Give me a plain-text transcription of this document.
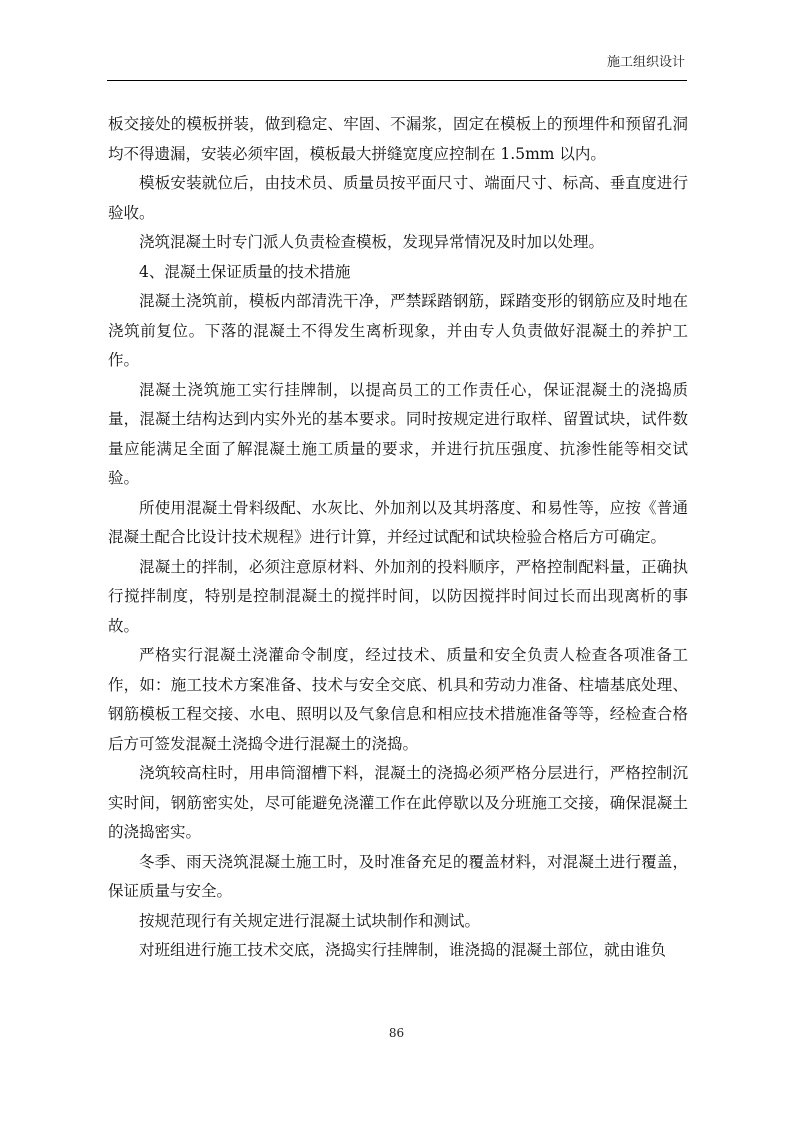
施工组织设计

板交接处的模板拼装，做到稳定、牢固、不漏浆，固定在模板上的预埋件和预留孔洞均不得遗漏，安装必须牢固，模板最大拼缝宽度应控制在 1.5mm 以内。

模板安装就位后，由技术员、质量员按平面尺寸、端面尺寸、标高、垂直度进行验收。

浇筑混凝土时专门派人负责检查模板，发现异常情况及时加以处理。

4、混凝土保证质量的技术措施

混凝土浇筑前，模板内部清洗干净，严禁踩踏钢筋，踩踏变形的钢筋应及时地在浇筑前复位。下落的混凝土不得发生离析现象，并由专人负责做好混凝土的养护工作。

混凝土浇筑施工实行挂牌制，以提高员工的工作责任心，保证混凝土的浇捣质量，混凝土结构达到内实外光的基本要求。同时按规定进行取样、留置试块，试件数量应能满足全面了解混凝土施工质量的要求，并进行抗压强度、抗渗性能等相交试验。

所使用混凝土骨料级配、水灰比、外加剂以及其坍落度、和易性等，应按《普通混凝土配合比设计技术规程》进行计算，并经过试配和试块检验合格后方可确定。

混凝土的拌制，必须注意原材料、外加剂的投料顺序，严格控制配料量，正确执行搅拌制度，特别是控制混凝土的搅拌时间，以防因搅拌时间过长而出现离析的事故。

严格实行混凝土浇灌命令制度，经过技术、质量和安全负责人检查各项准备工作，如：施工技术方案准备、技术与安全交底、机具和劳动力准备、柱墙基底处理、钢筋模板工程交接、水电、照明以及气象信息和相应技术措施准备等等，经检查合格后方可签发混凝土浇捣令进行混凝土的浇捣。

浇筑较高柱时，用串筒溜槽下料，混凝土的浇捣必须严格分层进行，严格控制沉实时间，钢筋密实处，尽可能避免浇灌工作在此停歇以及分班施工交接，确保混凝土的浇捣密实。

冬季、雨天浇筑混凝土施工时，及时准备充足的覆盖材料，对混凝土进行覆盖，保证质量与安全。

按规范现行有关规定进行混凝土试块制作和测试。

对班组进行施工技术交底，浇捣实行挂牌制，谁浇捣的混凝土部位，就由谁负

86
